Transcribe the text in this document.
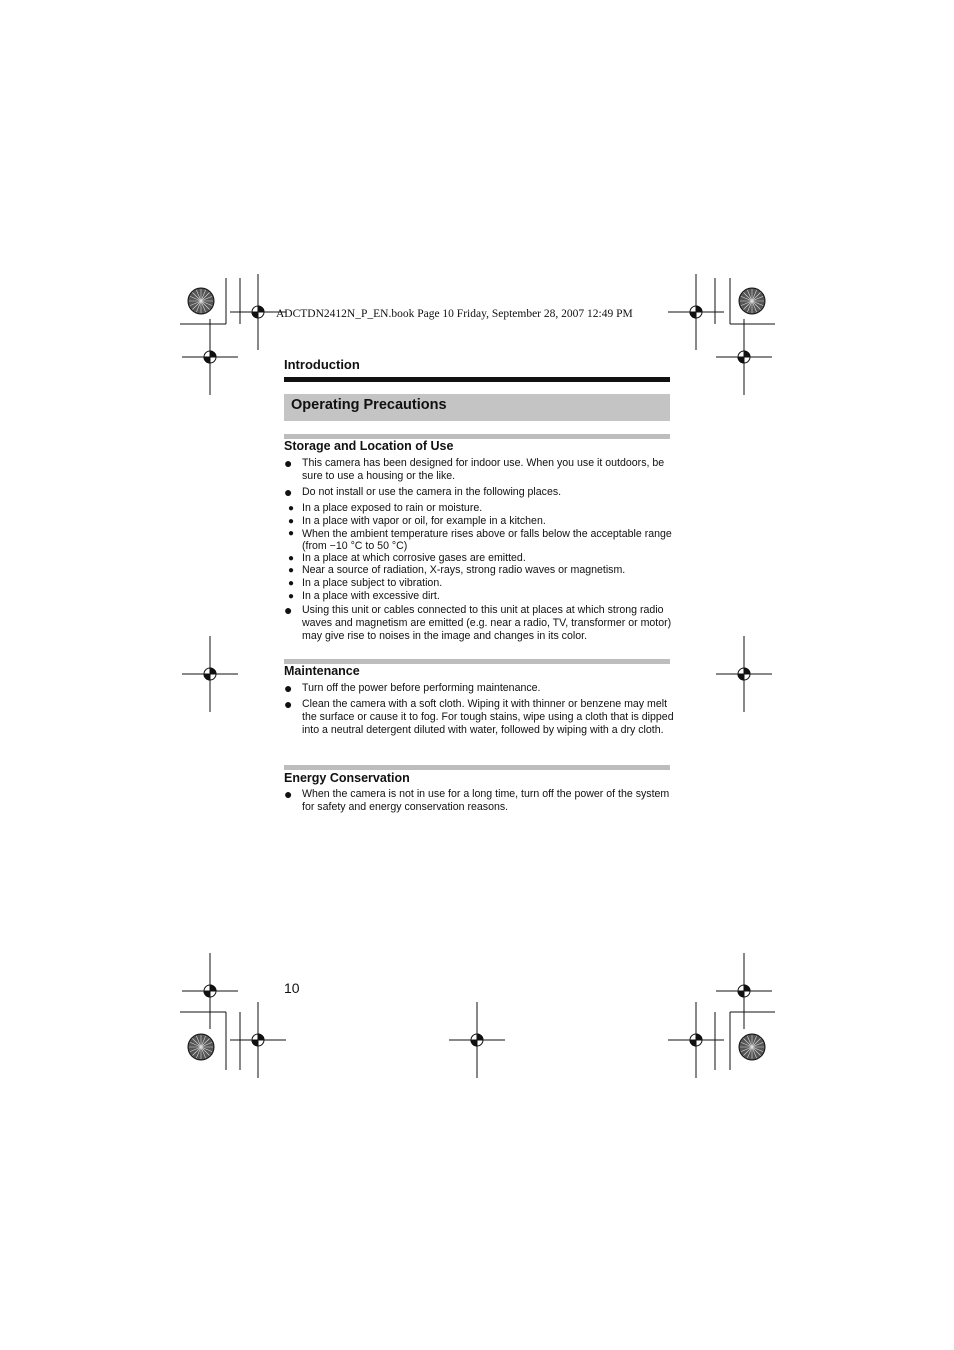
ADCTDN2412N_P_EN.book Page 10 Friday, September 28, 2007 12:49 PM
Introduction
Operating Precautions
Storage and Location of Use
● This camera has been designed for indoor use. When you use it outdoors, be sure to use a housing or the like.
● Do not install or use the camera in the following places.
● In a place exposed to rain or moisture.
● In a place with vapor or oil, for example in a kitchen.
● When the ambient temperature rises above or falls below the acceptable range (from −10 °C to 50 °C)
● In a place at which corrosive gases are emitted.
● Near a source of radiation, X-rays, strong radio waves or magnetism.
● In a place subject to vibration.
● In a place with excessive dirt.
● Using this unit or cables connected to this unit at places at which strong radio waves and magnetism are emitted (e.g. near a radio, TV, transformer or motor) may give rise to noises in the image and changes in its color.
Maintenance
● Turn off the power before performing maintenance.
● Clean the camera with a soft cloth. Wiping it with thinner or benzene may melt the surface or cause it to fog. For tough stains, wipe using a cloth that is dipped into a neutral detergent diluted with water, followed by wiping with a dry cloth.
Energy Conservation
● When the camera is not in use for a long time, turn off the power of the system for safety and energy conservation reasons.
10
